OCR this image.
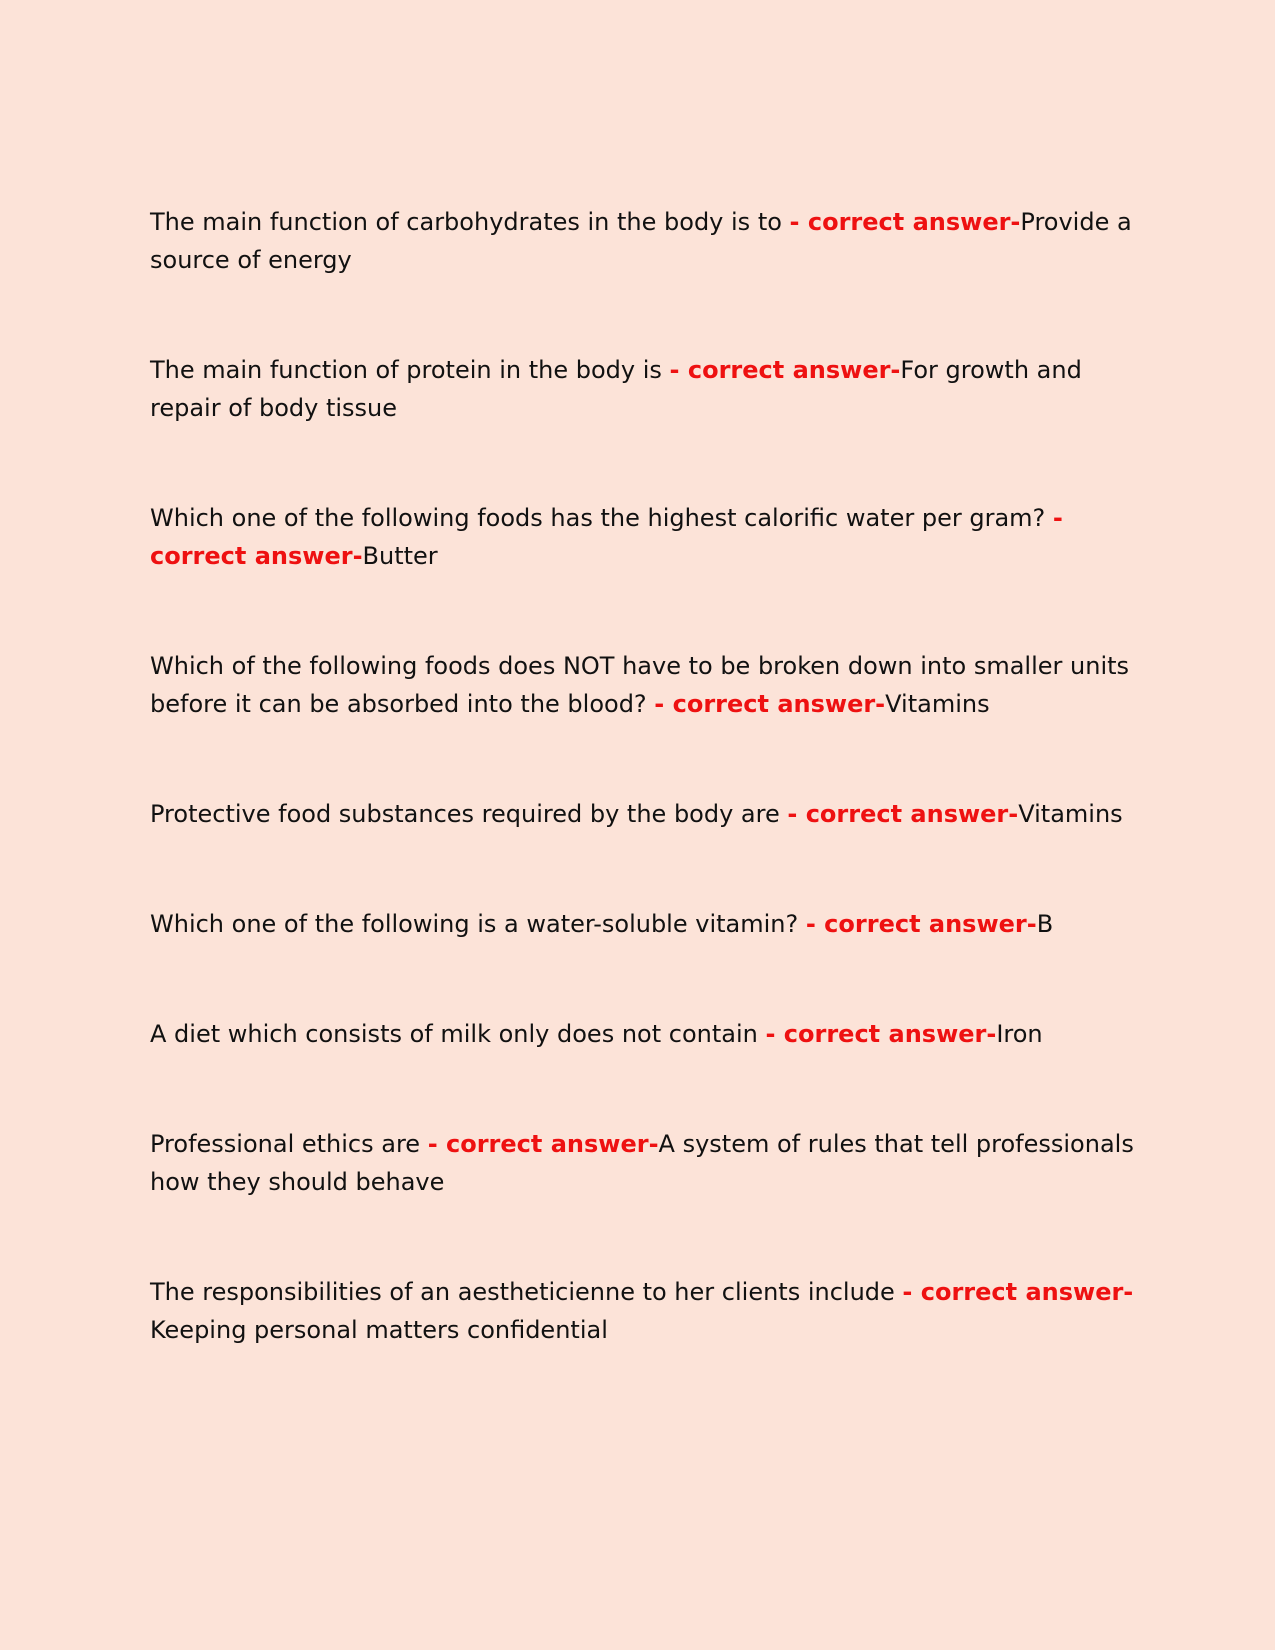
The main function of carbohydrates in the body is to - correct answer-Provide a source of energy

The main function of protein in the body is - correct answer-For growth and repair of body tissue

Which one of the following foods has the highest calorific water per gram? - correct answer-Butter

Which of the following foods does NOT have to be broken down into smaller units before it can be absorbed into the blood? - correct answer-Vitamins

Protective food substances required by the body are - correct answer-Vitamins

Which one of the following is a water-soluble vitamin? - correct answer-B

A diet which consists of milk only does not contain - correct answer-Iron

Professional ethics are - correct answer-A system of rules that tell professionals how they should behave

The responsibilities of an aestheticienne to her clients include - correct answer-Keeping personal matters confidential
